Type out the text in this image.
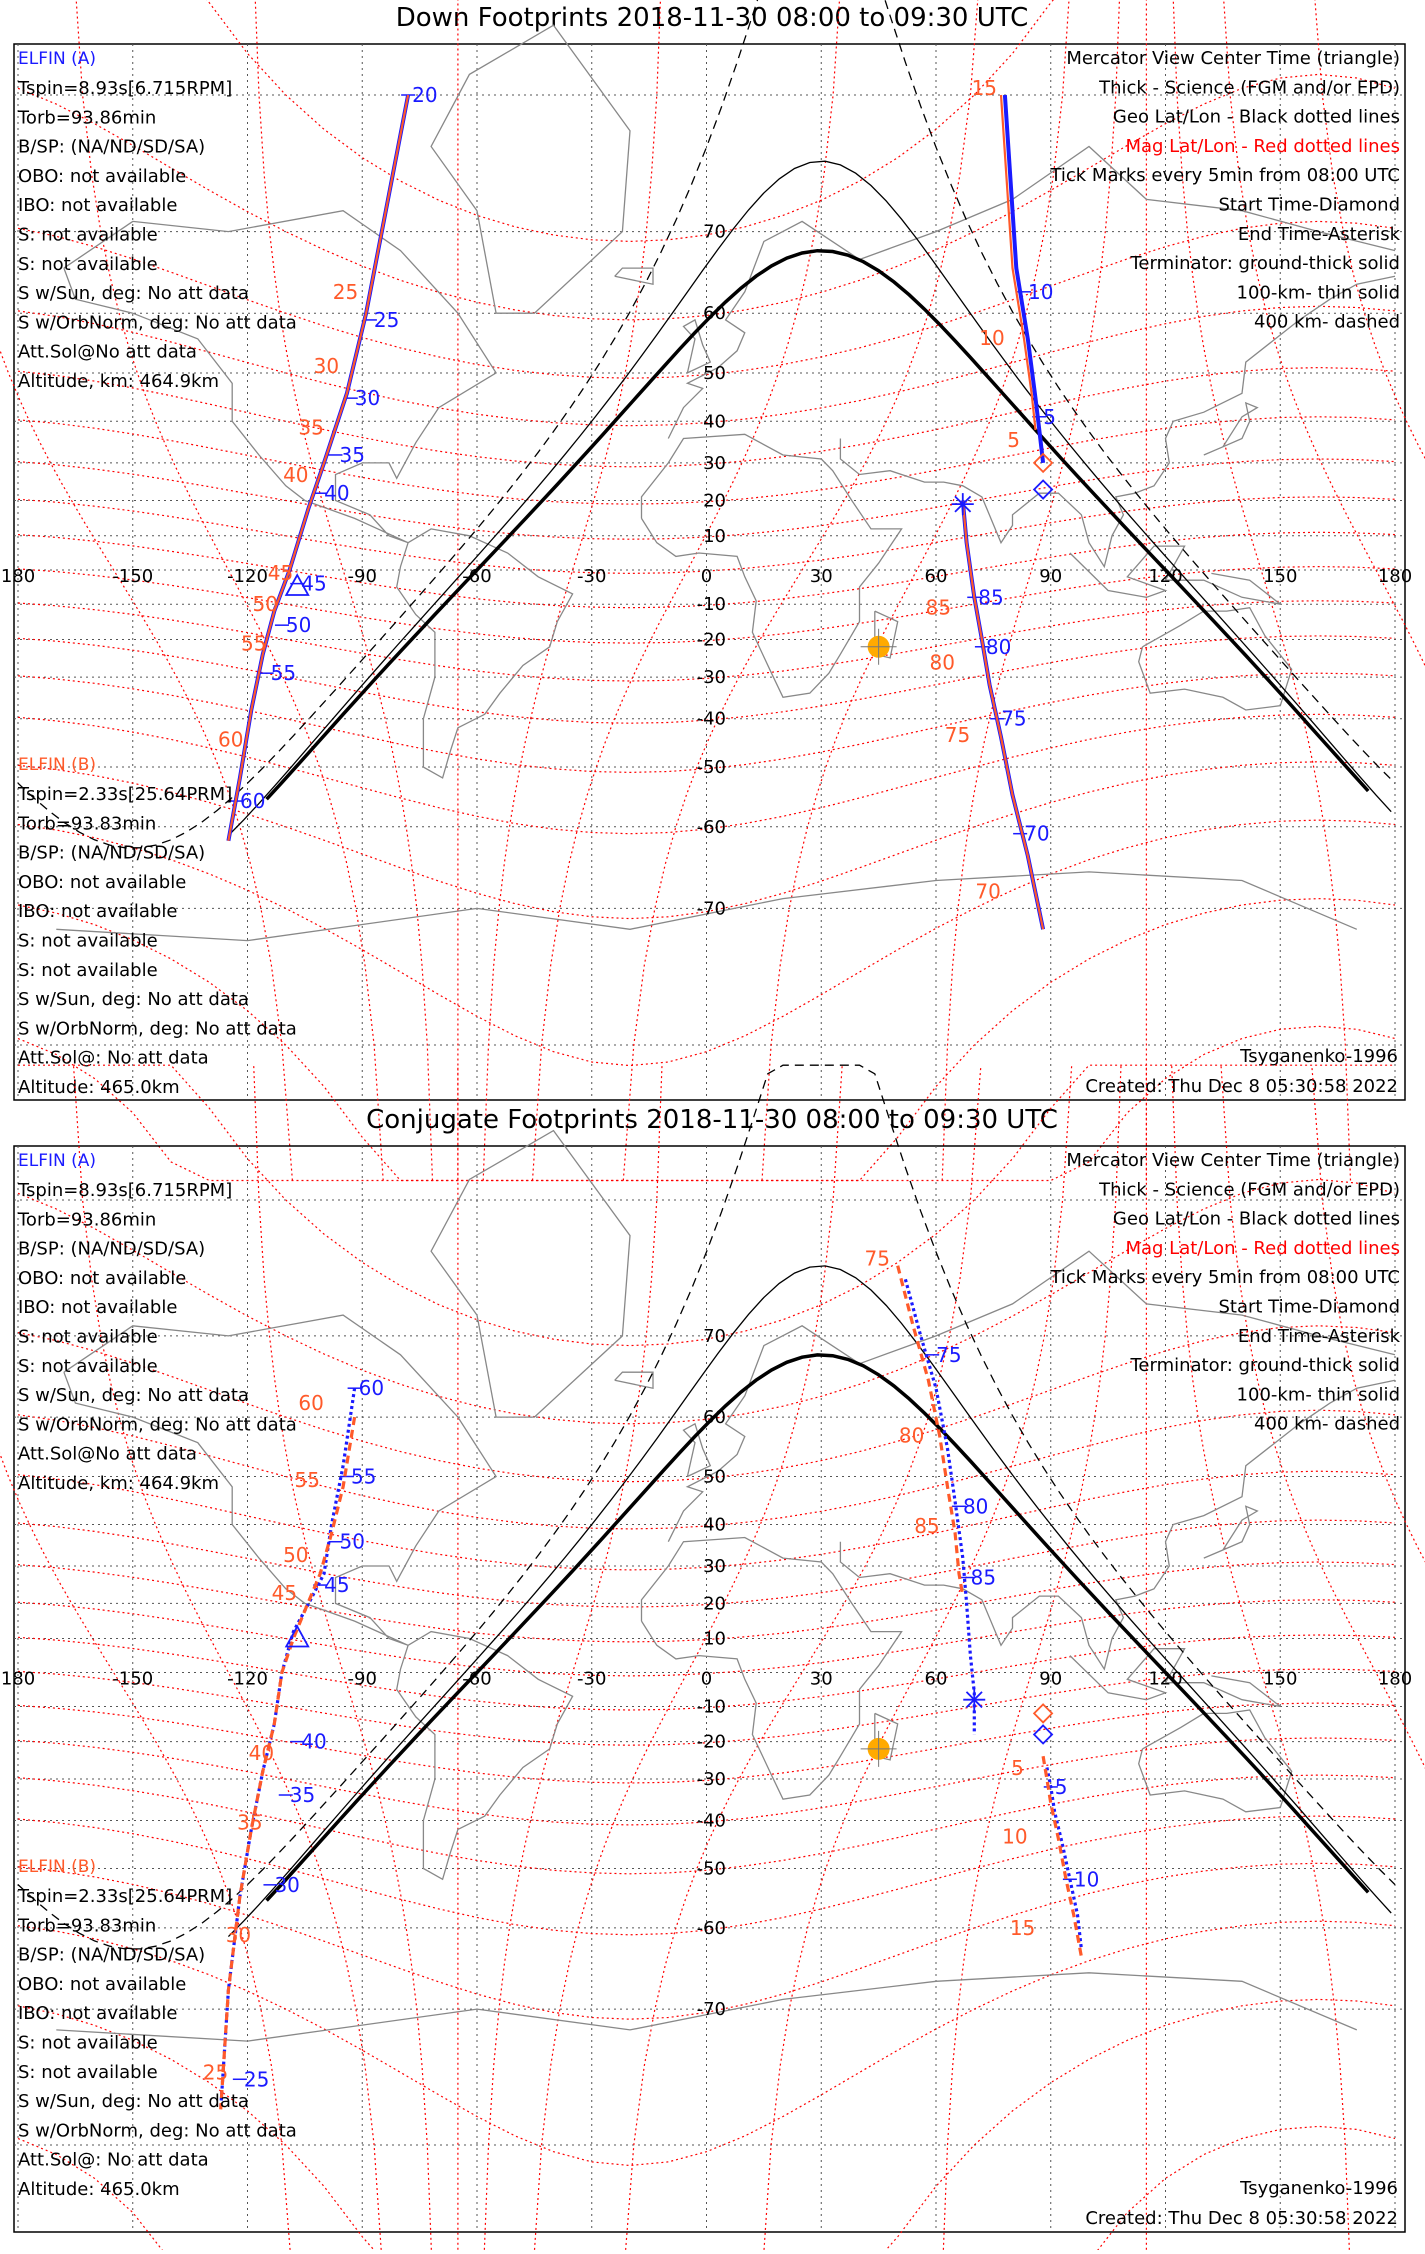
Down Footprints 2018-11-30 08:00 to 09:30 UTC
180	-150	-120	-90	-60	-30	0	30	60	90	120	150	180
70
60
50
40
30
20
10
-10
-20
-30
-40
-50
-60
-70
20
25
30
35
40
45
50
55
60
25
30
35
40
45
50
55
60
5
10
5
10
15
85
80
75
70
85
80
75
70
ELFIN (A)
Tspin=8.93s[6.715RPM]
Torb=93.86min
B/SP: (NA/ND/SD/SA)
OBO: not available
IBO: not available
S: not available
S: not available
S w/Sun, deg: No att data
S w/OrbNorm, deg: No att data
Att.Sol@No att data
Altitude, km: 464.9km
ELFIN (B)
Tspin=2.33s[25.64PRM]
Torb=93.83min
B/SP: (NA/ND/SD/SA)
OBO: not available
IBO: not available
S: not available
S: not available
S w/Sun, deg: No att data
S w/OrbNorm, deg: No att data
Att.Sol@: No att data
Altitude: 465.0km
Mercator View Center Time (triangle)
Thick - Science (FGM and/or EPD)
Geo Lat/Lon - Black dotted lines
Mag Lat/Lon - Red dotted lines
Tick Marks every 5min from 08:00 UTC
Start Time-Diamond
End Time-Asterisk
Terminator: ground-thick solid
100-km- thin solid
400 km- dashed
Tsyganenko-1996
Created: Thu Dec 8 05:30:58 2022
Conjugate Footprints 2018-11-30 08:00 to 09:30 UTC
180	-150	-120	-90	-60	-30	0	30	60	90	120	150	180
70
60
50
40
30
20
10
-10
-20
-30
-40
-50
-60
-70
60
55
50
45
40
35
30
25
60
55
50
45
40
35
30
25
75
80
85
75
80
85
5
10
5
10
15
ELFIN (A)
Tspin=8.93s[6.715RPM]
Torb=93.86min
B/SP: (NA/ND/SD/SA)
OBO: not available
IBO: not available
S: not available
S: not available
S w/Sun, deg: No att data
S w/OrbNorm, deg: No att data
Att.Sol@No att data
Altitude, km: 464.9km
ELFIN (B)
Tspin=2.33s[25.64PRM]
Torb=93.83min
B/SP: (NA/ND/SD/SA)
OBO: not available
IBO: not available
S: not available
S: not available
S w/Sun, deg: No att data
S w/OrbNorm, deg: No att data
Att.Sol@: No att data
Altitude: 465.0km
Mercator View Center Time (triangle)
Thick - Science (FGM and/or EPD)
Geo Lat/Lon - Black dotted lines
Mag Lat/Lon - Red dotted lines
Tick Marks every 5min from 08:00 UTC
Start Time-Diamond
End Time-Asterisk
Terminator: ground-thick solid
100-km- thin solid
400 km- dashed
Tsyganenko-1996
Created: Thu Dec 8 05:30:58 2022
